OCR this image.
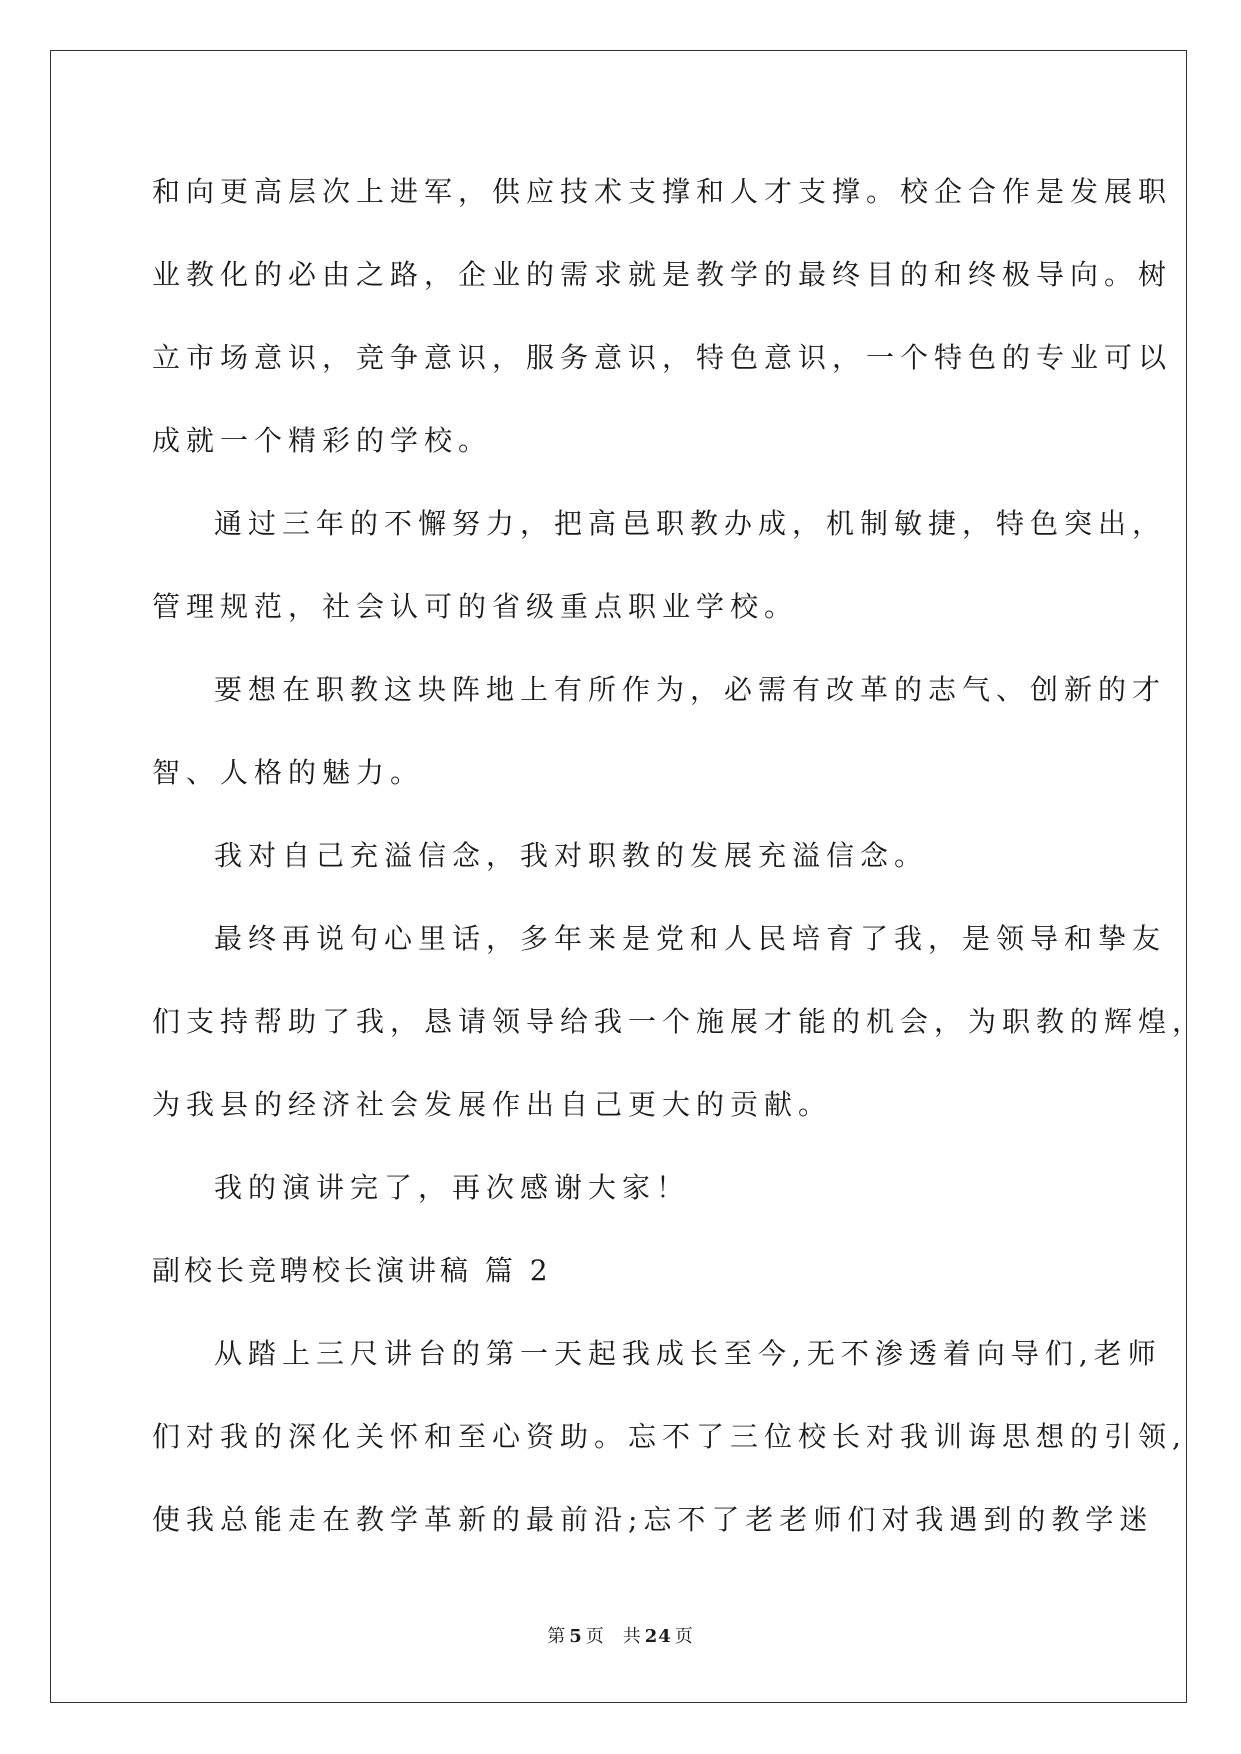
和向更高层次上进军，供应技术支撑和人才支撑。校企合作是发展职
业教化的必由之路，企业的需求就是教学的最终目的和终极导向。树
立市场意识，竞争意识，服务意识，特色意识，一个特色的专业可以
成就一个精彩的学校。
通过三年的不懈努力，把高邑职教办成，机制敏捷，特色突出，
管理规范，社会认可的省级重点职业学校。
要想在职教这块阵地上有所作为，必需有改革的志气、创新的才
智、人格的魅力。
我对自己充溢信念，我对职教的发展充溢信念。
最终再说句心里话，多年来是党和人民培育了我，是领导和挚友
们支持帮助了我，恳请领导给我一个施展才能的机会，为职教的辉煌，
为我县的经济社会发展作出自己更大的贡献。
我的演讲完了，再次感谢大家！
副校长竞聘校长演讲稿 篇 2
从踏上三尺讲台的第一天起我成长至今,无不渗透着向导们,老师
们对我的深化关怀和至心资助。忘不了三位校长对我训诲思想的引领,
使我总能走在教学革新的最前沿;忘不了老老师们对我遇到的教学迷
第 5 页 共 24 页
